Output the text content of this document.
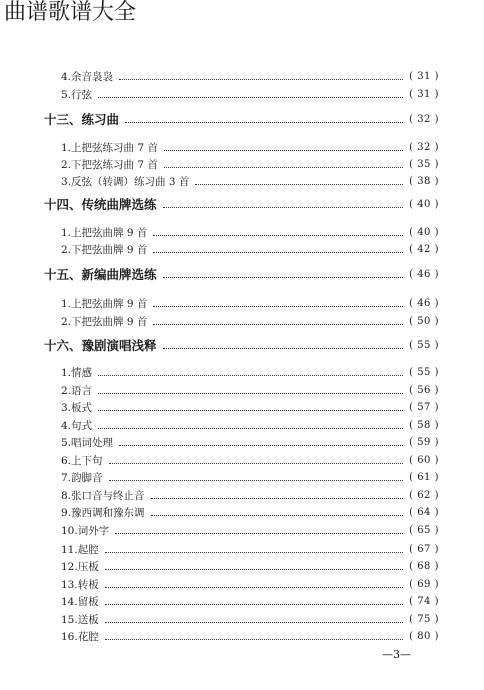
曲谱歌谱大全
4.余音袅袅	( 31 )
5.行弦	( 31 )
十三、练习曲	( 32 )
1.上把弦练习曲 7 首	( 32 )
2.下把弦练习曲 7 首	( 35 )
3.反弦（转调）练习曲 3 首	( 38 )
十四、传统曲牌选练	( 40 )
1.上把弦曲牌 9 首	( 40 )
2.下把弦曲牌 9 首	( 42 )
十五、新编曲牌选练	( 46 )
1.上把弦曲牌 9 首	( 46 )
2.下把弦曲牌 9 首	( 50 )
十六、豫剧演唱浅释	( 55 )
1.情感	( 55 )
2.语言	( 56 )
3.板式	( 57 )
4.句式	( 58 )
5.唱词处理	( 59 )
6.上下句	( 60 )
7.韵脚音	( 61 )
8.张口音与终止音	( 62 )
9.豫西调和豫东调	( 64 )
10.词外字	( 65 )
11.起腔	( 67 )
12.压板	( 68 )
13.转板	( 69 )
14.留板	( 74 )
15.送板	( 75 )
16.花腔	( 80 )
—3—
